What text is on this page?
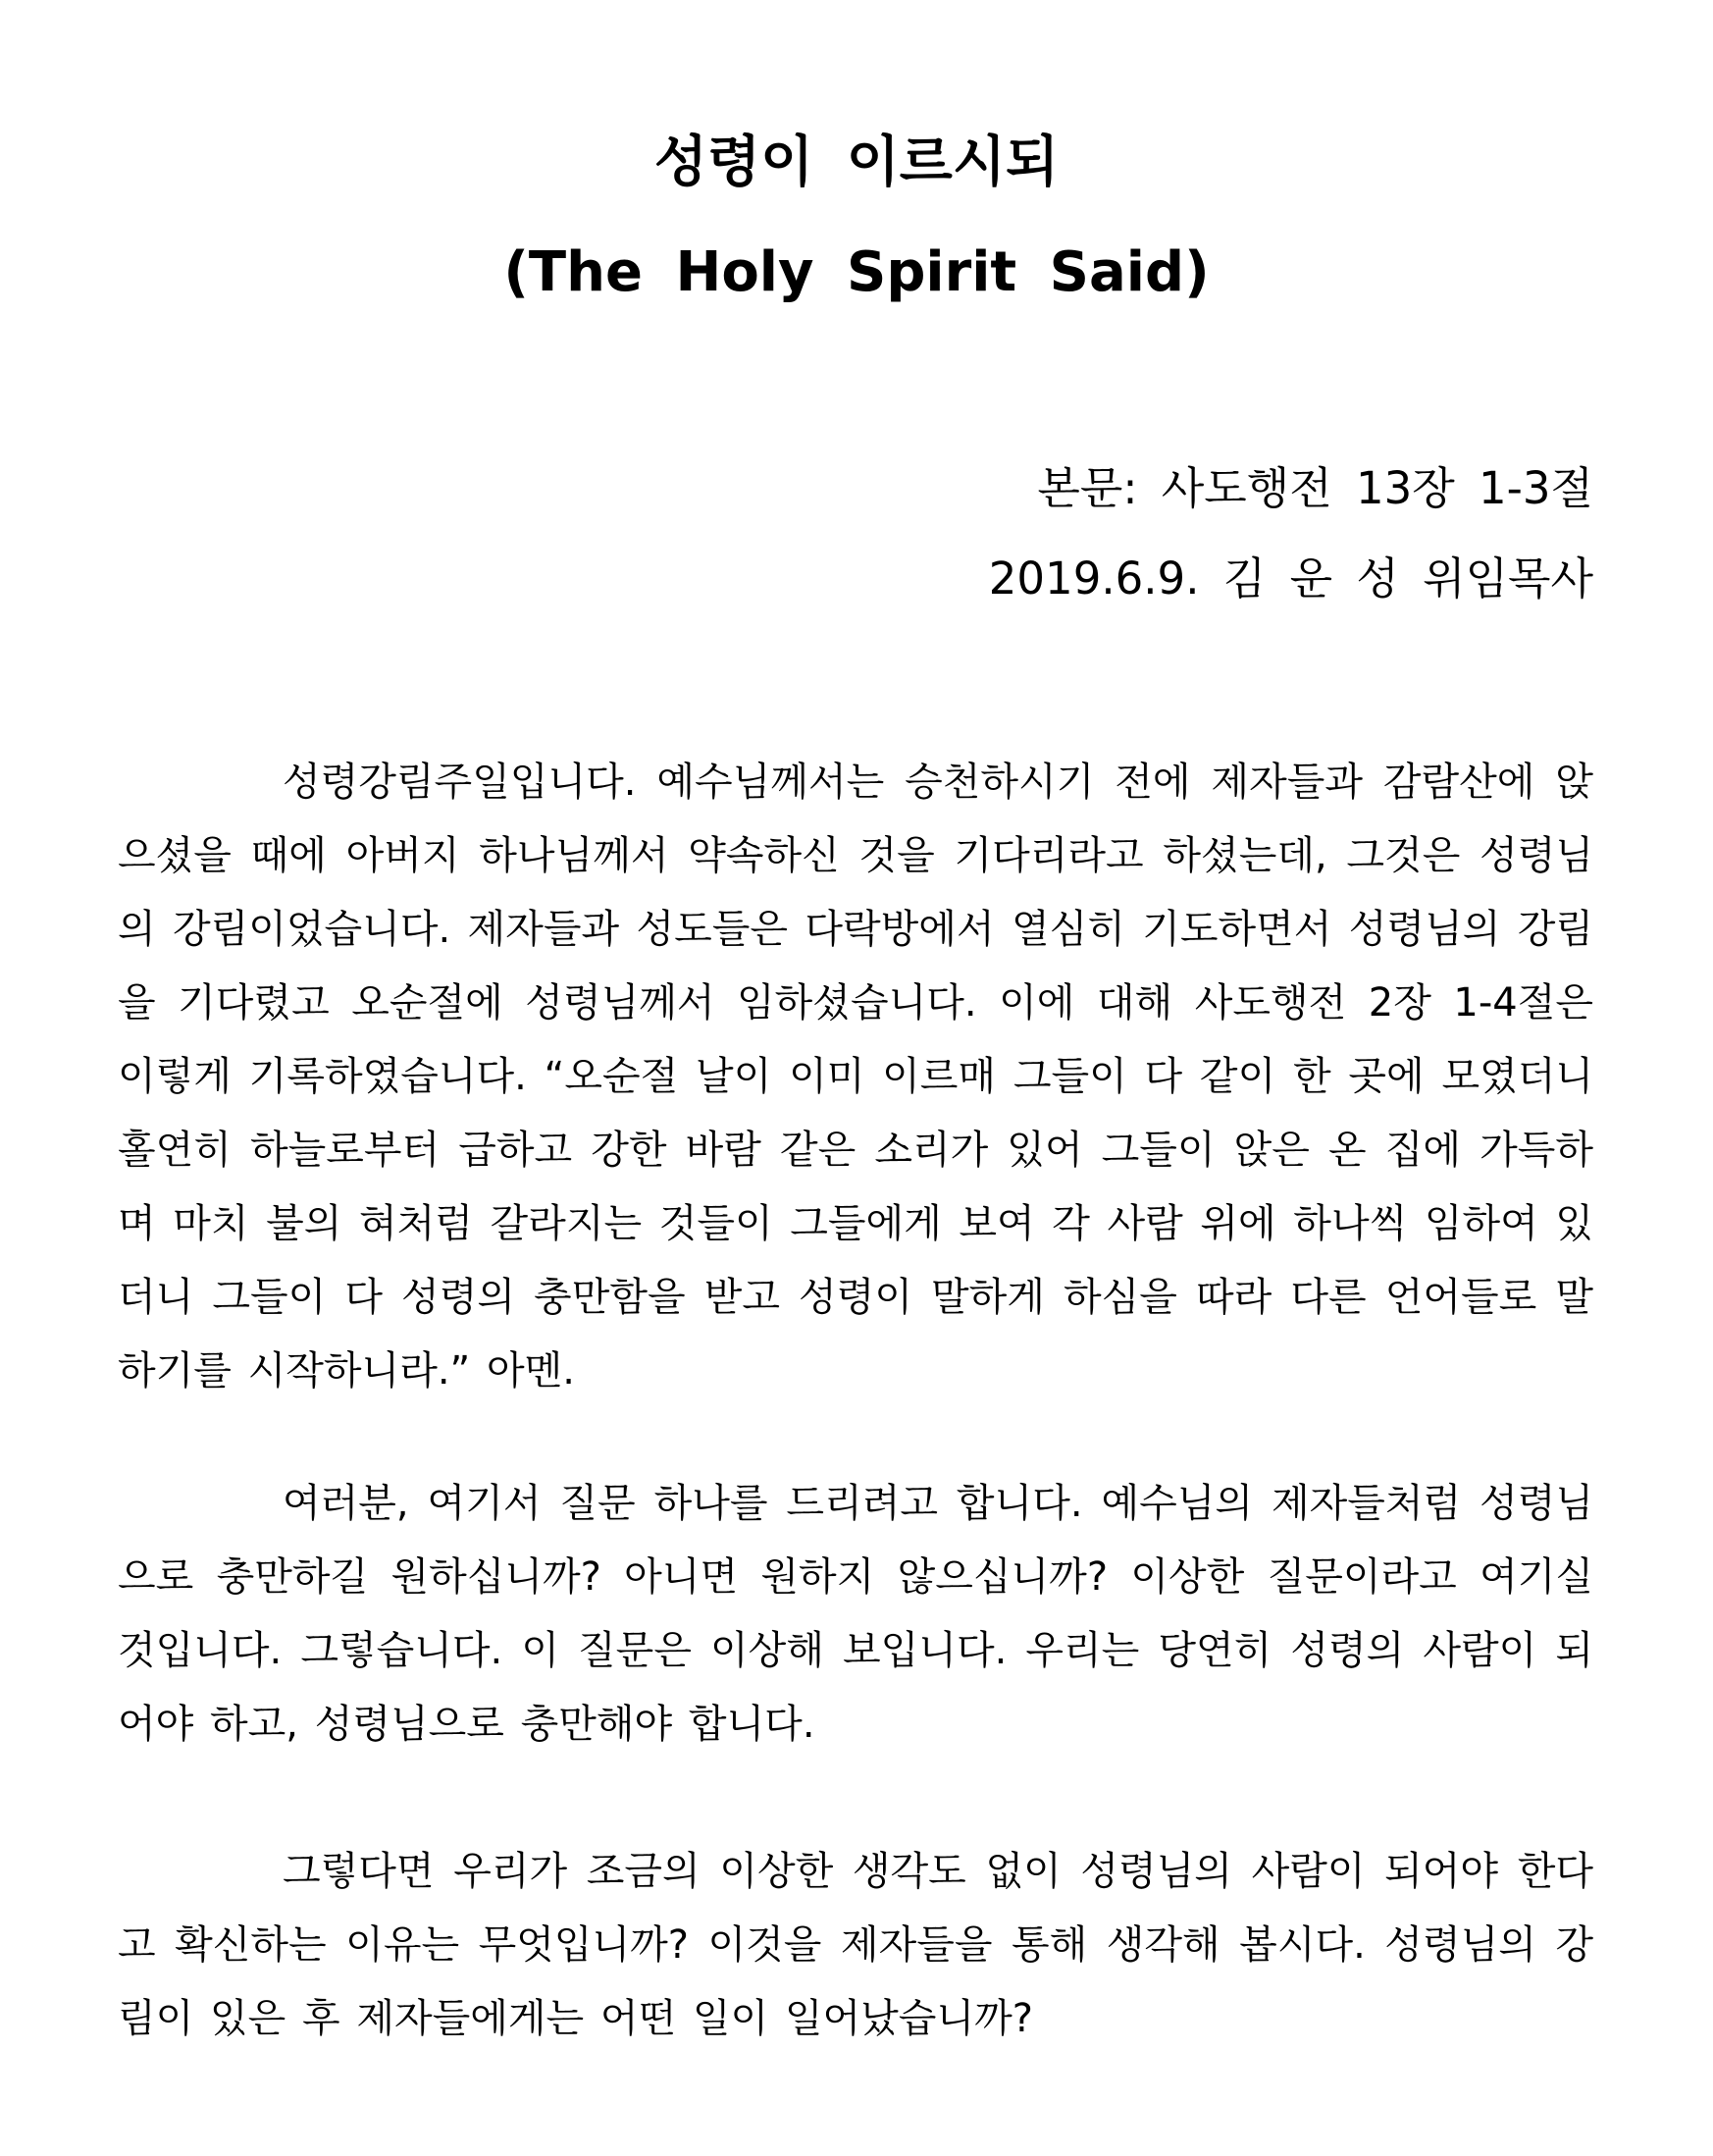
성령이 이르시되
(The Holy Spirit Said)
본문: 사도행전 13장 1-3절
2019.6.9. 김 운 성 위임목사

성령강림주일입니다. 예수님께서는 승천하시기 전에 제자들과 감람산에 앉으셨을 때에 아버지 하나님께서 약속하신 것을 기다리라고 하셨는데, 그것은 성령님의 강림이었습니다. 제자들과 성도들은 다락방에서 열심히 기도하면서 성령님의 강림을 기다렸고 오순절에 성령님께서 임하셨습니다. 이에 대해 사도행전 2장 1-4절은 이렇게 기록하였습니다. “오순절 날이 이미 이르매 그들이 다 같이 한 곳에 모였더니 홀연히 하늘로부터 급하고 강한 바람 같은 소리가 있어 그들이 앉은 온 집에 가득하며 마치 불의 혀처럼 갈라지는 것들이 그들에게 보여 각 사람 위에 하나씩 임하여 있더니 그들이 다 성령의 충만함을 받고 성령이 말하게 하심을 따라 다른 언어들로 말하기를 시작하니라.” 아멘.

여러분, 여기서 질문 하나를 드리려고 합니다. 예수님의 제자들처럼 성령님으로 충만하길 원하십니까? 아니면 원하지 않으십니까? 이상한 질문이라고 여기실 것입니다. 그렇습니다. 이 질문은 이상해 보입니다. 우리는 당연히 성령의 사람이 되어야 하고, 성령님으로 충만해야 합니다.

그렇다면 우리가 조금의 이상한 생각도 없이 성령님의 사람이 되어야 한다고 확신하는 이유는 무엇입니까? 이것을 제자들을 통해 생각해 봅시다. 성령님의 강림이 있은 후 제자들에게는 어떤 일이 일어났습니까?
